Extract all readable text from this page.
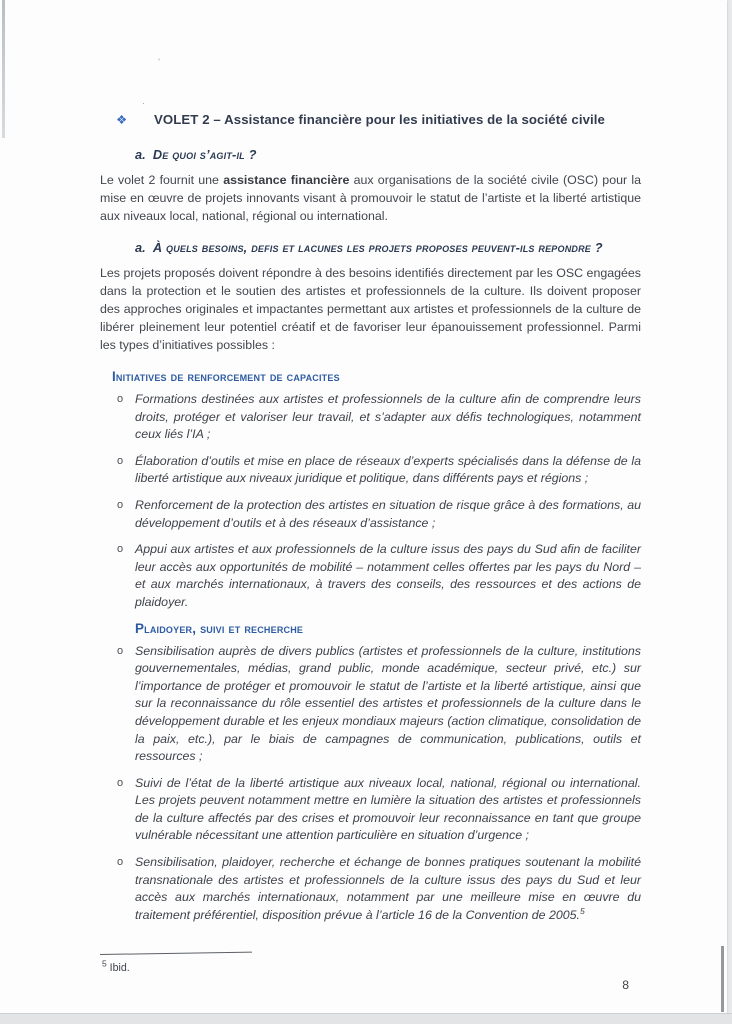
’
·
❖	VOLET 2 – Assistance financière pour les initiatives de la société civile
a. De quoi s’agit-il ?

Le volet 2 fournit une assistance financière aux organisations de la société civile (OSC) pour la mise en œuvre de projets innovants visant à promouvoir le statut de l’artiste et la liberté artistique aux niveaux local, national, régional ou international.

a. À quels besoins, defis et lacunes les projets proposes peuvent-ils repondre ?

Les projets proposés doivent répondre à des besoins identifiés directement par les OSC engagées dans la protection et le soutien des artistes et professionnels de la culture. Ils doivent proposer des approches originales et impactantes permettant aux artistes et professionnels de la culture de libérer pleinement leur potentiel créatif et de favoriser leur épanouissement professionnel. Parmi les types d’initiatives possibles :

Initiatives de renforcement de capacites
o Formations destinées aux artistes et professionnels de la culture afin de comprendre leurs droits, protéger et valoriser leur travail, et s’adapter aux défis technologiques, notamment ceux liés l’IA ;
o Élaboration d’outils et mise en place de réseaux d’experts spécialisés dans la défense de la liberté artistique aux niveaux juridique et politique, dans différents pays et régions ;
o Renforcement de la protection des artistes en situation de risque grâce à des formations, au développement d’outils et à des réseaux d’assistance ;
o Appui aux artistes et aux professionnels de la culture issus des pays du Sud afin de faciliter leur accès aux opportunités de mobilité – notamment celles offertes par les pays du Nord – et aux marchés internationaux, à travers des conseils, des ressources et des actions de plaidoyer.
Plaidoyer, suivi et recherche
o Sensibilisation auprès de divers publics (artistes et professionnels de la culture, institutions gouvernementales, médias, grand public, monde académique, secteur privé, etc.) sur l’importance de protéger et promouvoir le statut de l’artiste et la liberté artistique, ainsi que sur la reconnaissance du rôle essentiel des artistes et professionnels de la culture dans le développement durable et les enjeux mondiaux majeurs (action climatique, consolidation de la paix, etc.), par le biais de campagnes de communication, publications, outils et ressources ;
o Suivi de l’état de la liberté artistique aux niveaux local, national, régional ou international. Les projets peuvent notamment mettre en lumière la situation des artistes et professionnels de la culture affectés par des crises et promouvoir leur reconnaissance en tant que groupe vulnérable nécessitant une attention particulière en situation d’urgence ;
o Sensibilisation, plaidoyer, recherche et échange de bonnes pratiques soutenant la mobilité transnationale des artistes et professionnels de la culture issus des pays du Sud et leur accès aux marchés internationaux, notamment par une meilleure mise en œuvre du traitement préférentiel, disposition prévue à l’article 16 de la Convention de 2005.$^5$
$^5$ Ibid.
8
